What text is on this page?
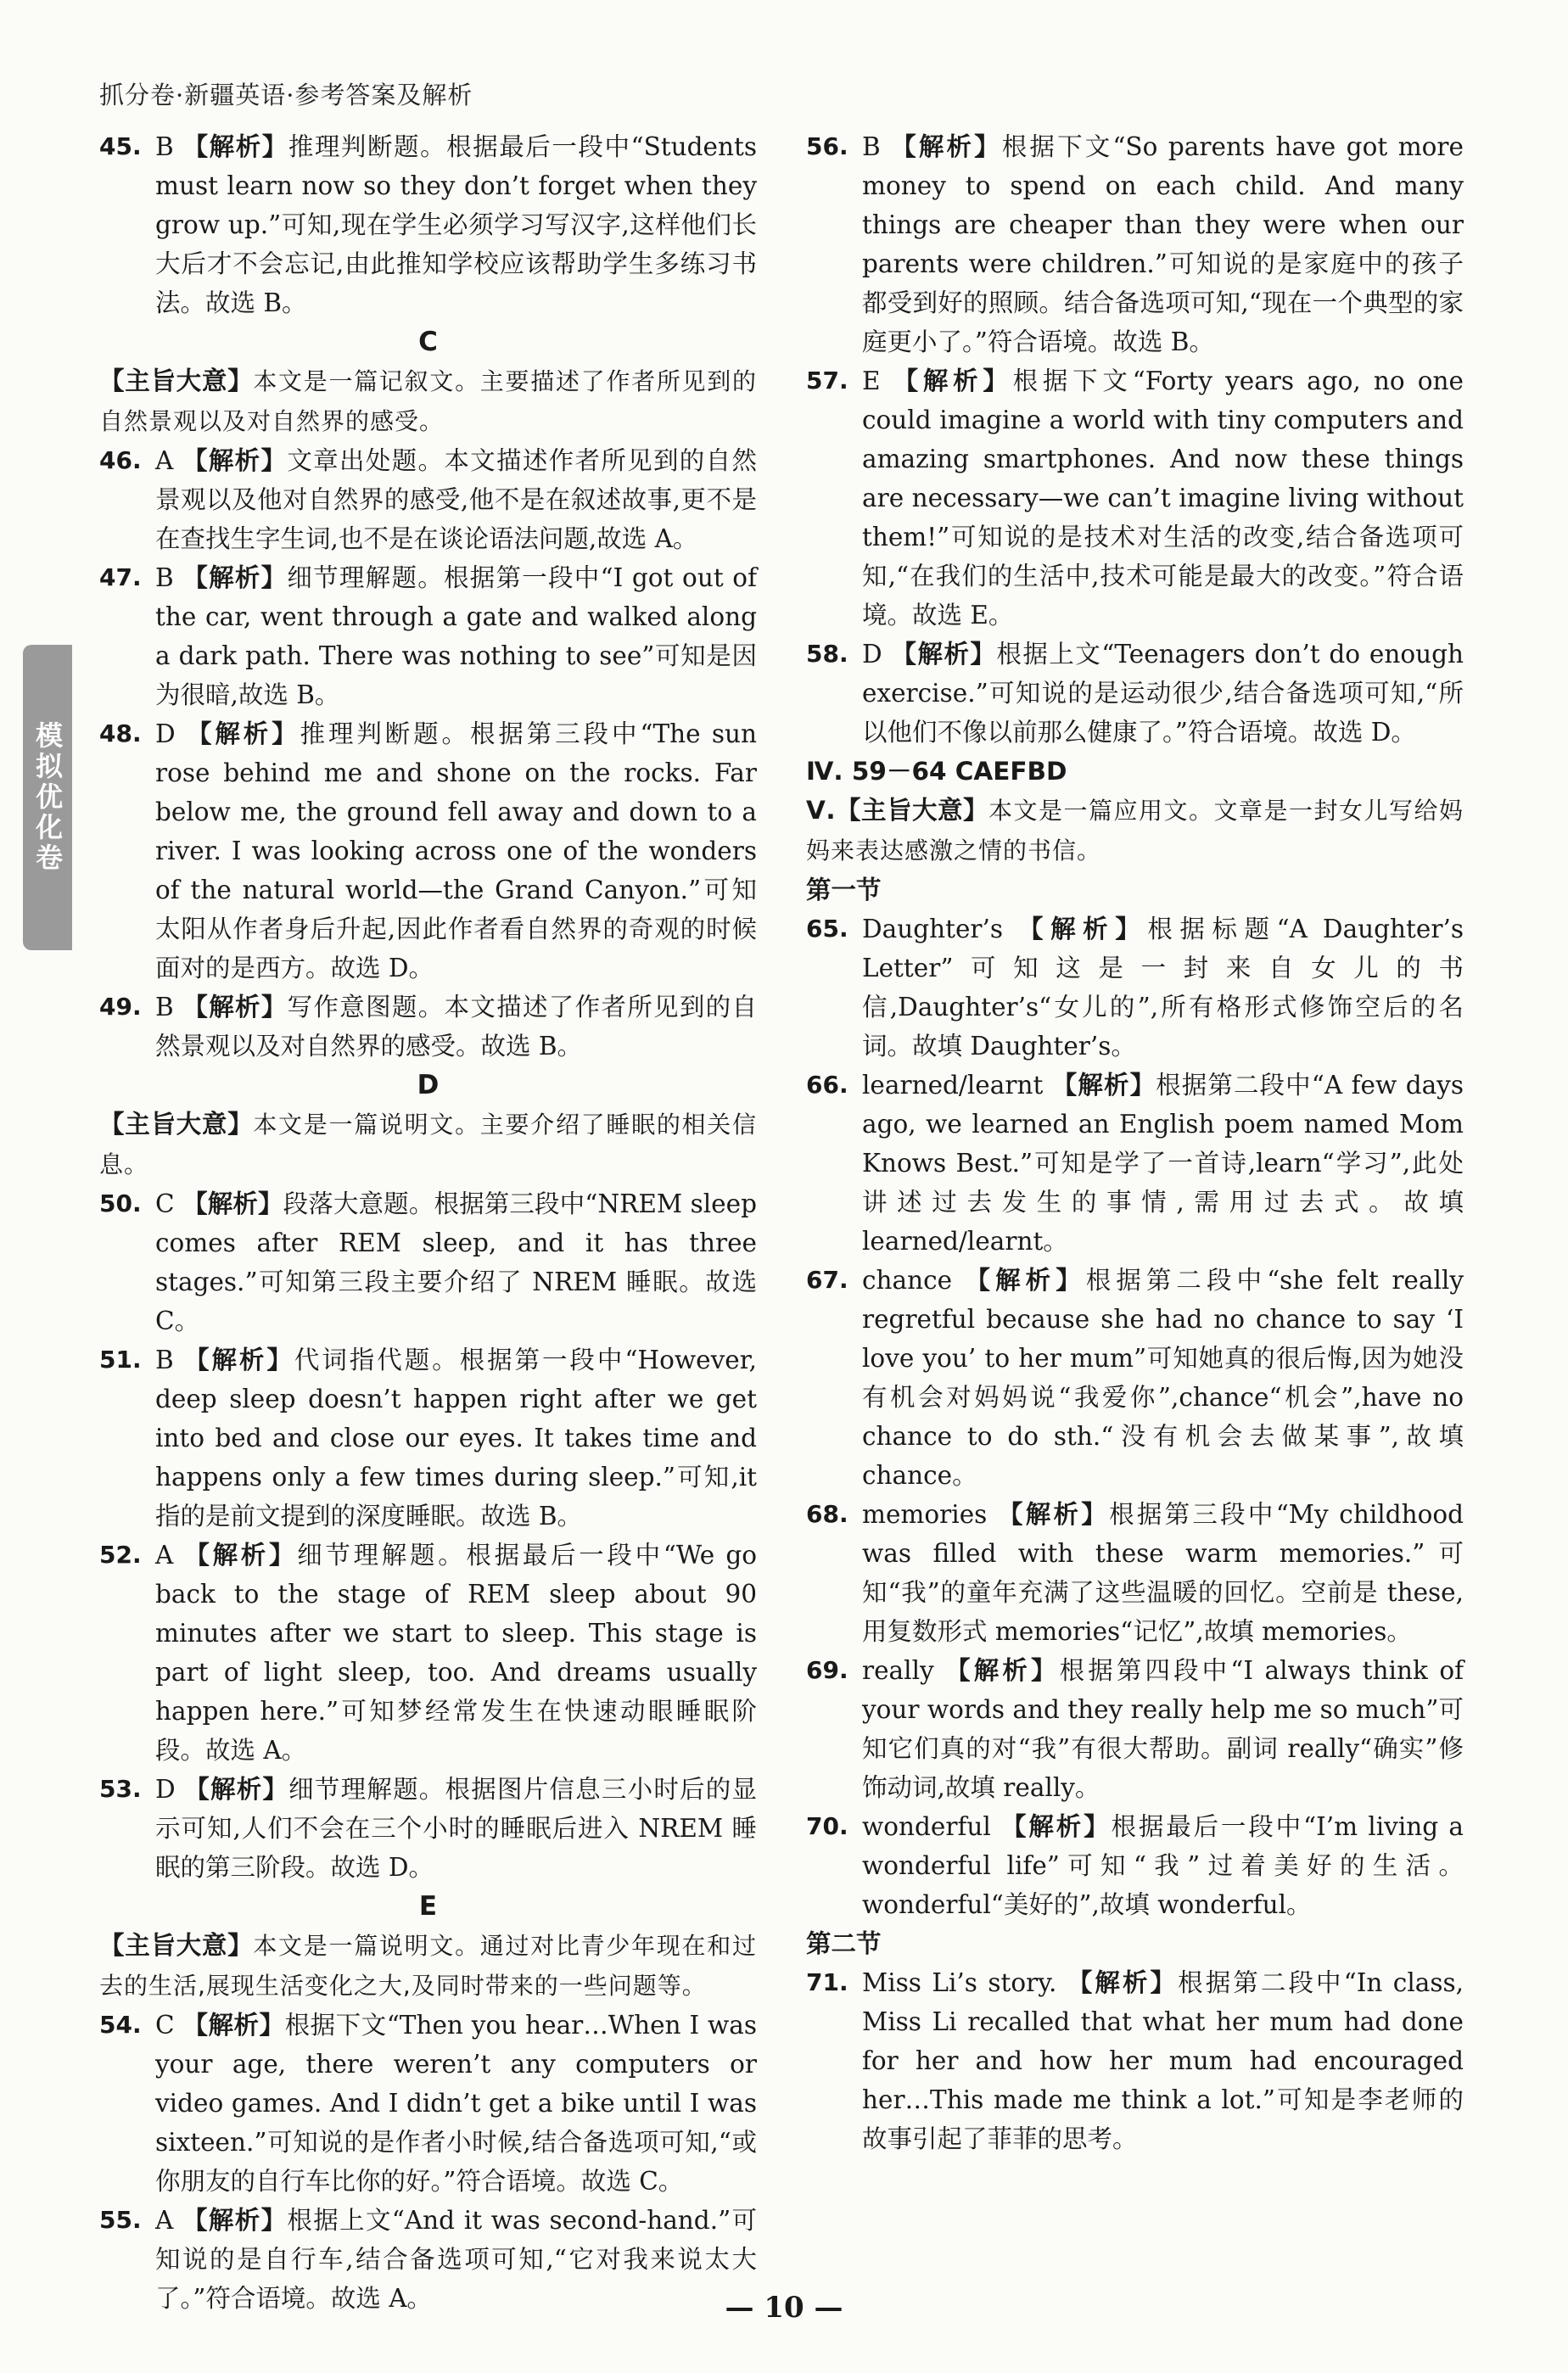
抓分卷·新疆英语·参考答案及解析
模拟优化卷
45. B 【解析】推理判断题。根据最后一段中“Students must learn now so they don’t forget when they grow up.”可知,现在学生必须学习写汉字,这样他们长大后才不会忘记,由此推知学校应该帮助学生多练习书法。故选 B。
C
【主旨大意】本文是一篇记叙文。主要描述了作者所见到的自然景观以及对自然界的感受。
46. A 【解析】文章出处题。本文描述作者所见到的自然景观以及他对自然界的感受,他不是在叙述故事,更不是在查找生字生词,也不是在谈论语法问题,故选 A。
47. B 【解析】细节理解题。根据第一段中“I got out of the car, went through a gate and walked along a dark path. There was nothing to see”可知是因为很暗,故选 B。
48. D 【解析】推理判断题。根据第三段中“The sun rose behind me and shone on the rocks. Far below me, the ground fell away and down to a river. I was looking across one of the wonders of the natural world—the Grand Canyon.”可知太阳从作者身后升起,因此作者看自然界的奇观的时候面对的是西方。故选 D。
49. B 【解析】写作意图题。本文描述了作者所见到的自然景观以及对自然界的感受。故选 B。
D
【主旨大意】本文是一篇说明文。主要介绍了睡眠的相关信息。
50. C 【解析】段落大意题。根据第三段中“NREM sleep comes after REM sleep, and it has three stages.”可知第三段主要介绍了 NREM 睡眠。故选 C。
51. B 【解析】代词指代题。根据第一段中“However, deep sleep doesn’t happen right after we get into bed and close our eyes. It takes time and happens only a few times during sleep.”可知,it 指的是前文提到的深度睡眠。故选 B。
52. A 【解析】细节理解题。根据最后一段中“We go back to the stage of REM sleep about 90 minutes after we start to sleep. This stage is part of light sleep, too. And dreams usually happen here.”可知梦经常发生在快速动眼睡眠阶段。故选 A。
53. D 【解析】细节理解题。根据图片信息三小时后的显示可知,人们不会在三个小时的睡眠后进入 NREM 睡眠的第三阶段。故选 D。
E
【主旨大意】本文是一篇说明文。通过对比青少年现在和过去的生活,展现生活变化之大,及同时带来的一些问题等。
54. C 【解析】根据下文“Then you hear…When I was your age, there weren’t any computers or video games. And I didn’t get a bike until I was sixteen.”可知说的是作者小时候,结合备选项可知,“或你朋友的自行车比你的好。”符合语境。故选 C。
55. A 【解析】根据上文“And it was second-hand.”可知说的是自行车,结合备选项可知,“它对我来说太大了。”符合语境。故选 A。
56. B 【解析】根据下文“So parents have got more money to spend on each child. And many things are cheaper than they were when our parents were children.”可知说的是家庭中的孩子都受到好的照顾。结合备选项可知,“现在一个典型的家庭更小了。”符合语境。故选 B。
57. E 【解析】根据下文“Forty years ago, no one could imagine a world with tiny computers and amazing smartphones. And now these things are necessary—we can’t imagine living without them!”可知说的是技术对生活的改变,结合备选项可知,“在我们的生活中,技术可能是最大的改变。”符合语境。故选 E。
58. D 【解析】根据上文“Teenagers don’t do enough exercise.”可知说的是运动很少,结合备选项可知,“所以他们不像以前那么健康了。”符合语境。故选 D。
Ⅳ. 59－64 CAEFBD
Ⅴ.【主旨大意】本文是一篇应用文。文章是一封女儿写给妈妈来表达感激之情的书信。
第一节
65. Daughter’s 【解析】根据标题“A Daughter’s Letter”可知这是一封来自女儿的书信,Daughter’s“女儿的”,所有格形式修饰空后的名词。故填 Daughter’s。
66. learned/learnt 【解析】根据第二段中“A few days ago, we learned an English poem named Mom Knows Best.”可知是学了一首诗,learn“学习”,此处讲述过去发生的事情,需用过去式。故填 learned/learnt。
67. chance 【解析】根据第二段中“she felt really regretful because she had no chance to say ‘I love you’ to her mum”可知她真的很后悔,因为她没有机会对妈妈说“我爱你”,chance“机会”,have no chance to do sth.“没有机会去做某事”,故填 chance。
68. memories 【解析】根据第三段中“My childhood was filled with these warm memories.”可知“我”的童年充满了这些温暖的回忆。空前是 these,用复数形式 memories“记忆”,故填 memories。
69. really 【解析】根据第四段中“I always think of your words and they really help me so much”可知它们真的对“我”有很大帮助。副词 really“确实”修饰动词,故填 really。
70. wonderful 【解析】根据最后一段中“I’m living a wonderful life”可知“我”过着美好的生活。wonderful“美好的”,故填 wonderful。
第二节
71. Miss Li’s story. 【解析】根据第二段中“In class, Miss Li recalled that what her mum had done for her and how her mum had encouraged her…This made me think a lot.”可知是李老师的故事引起了菲菲的思考。
— 10 —
